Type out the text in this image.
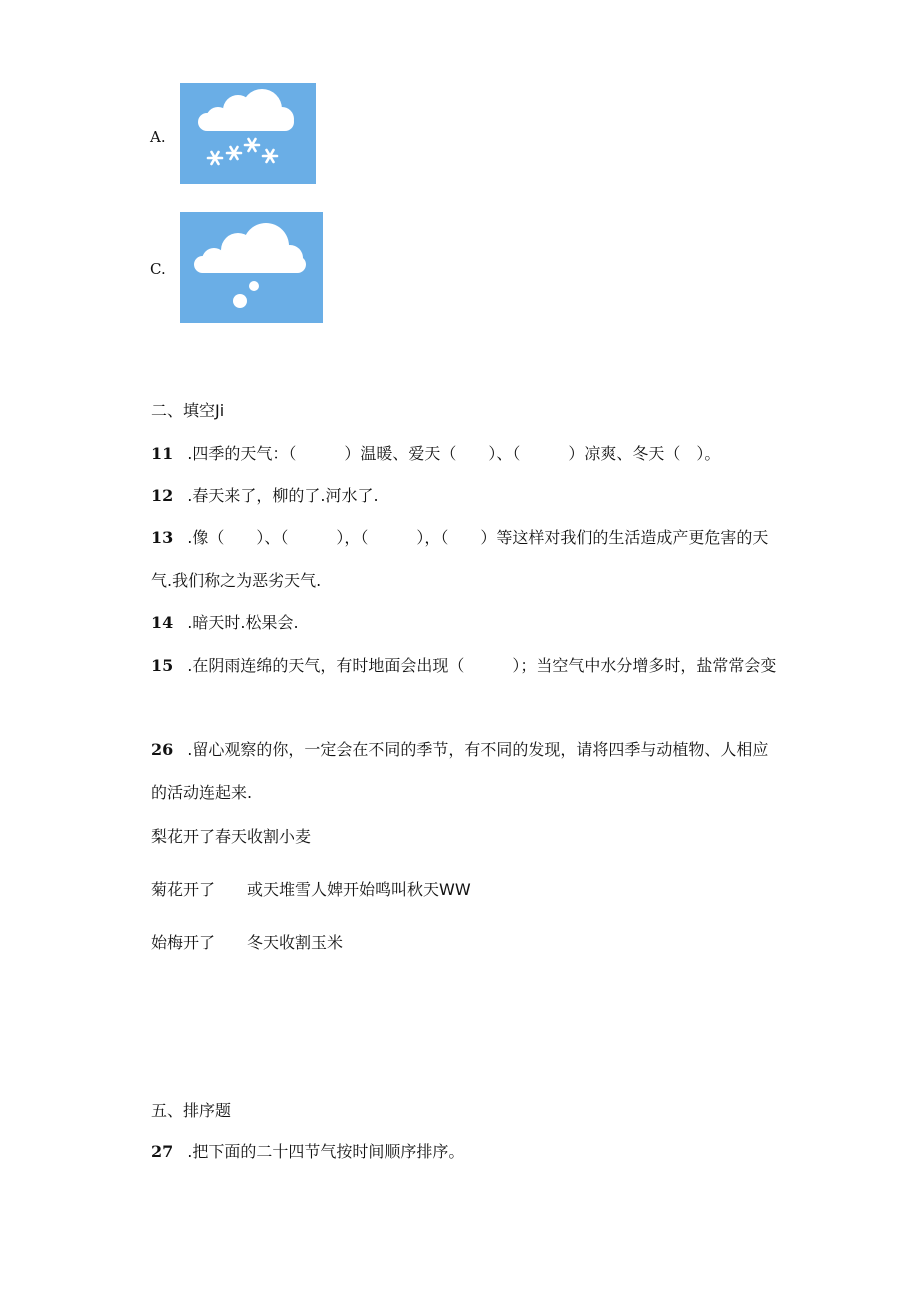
A.
C.
二、填空Ji
11 .四季的天气：（　　　）温暖、爱天（　　）、（　　　）凉爽、冬天（　）。
12 .春天来了，柳的了.河水了.
13 .像（　　）、（　　　），（　　　），（　　）等这样对我们的生活造成产更危害的天
气.我们称之为恶劣天气.
14 .暗天时.松果会.
15 .在阴雨连绵的天气，有时地面会出现（　　　）；当空气中水分增多时，盐常常会变
26 .留心观察的你，一定会在不同的季节，有不同的发现，请将四季与动植物、人相应
的活动连起来.
梨花开了春天收割小麦
菊花开了 或天堆雪人婢开始鸣叫秋天WW
始梅开了 冬天收割玉米
五、排序题
27 .把下面的二十四节气按时间顺序排序。
